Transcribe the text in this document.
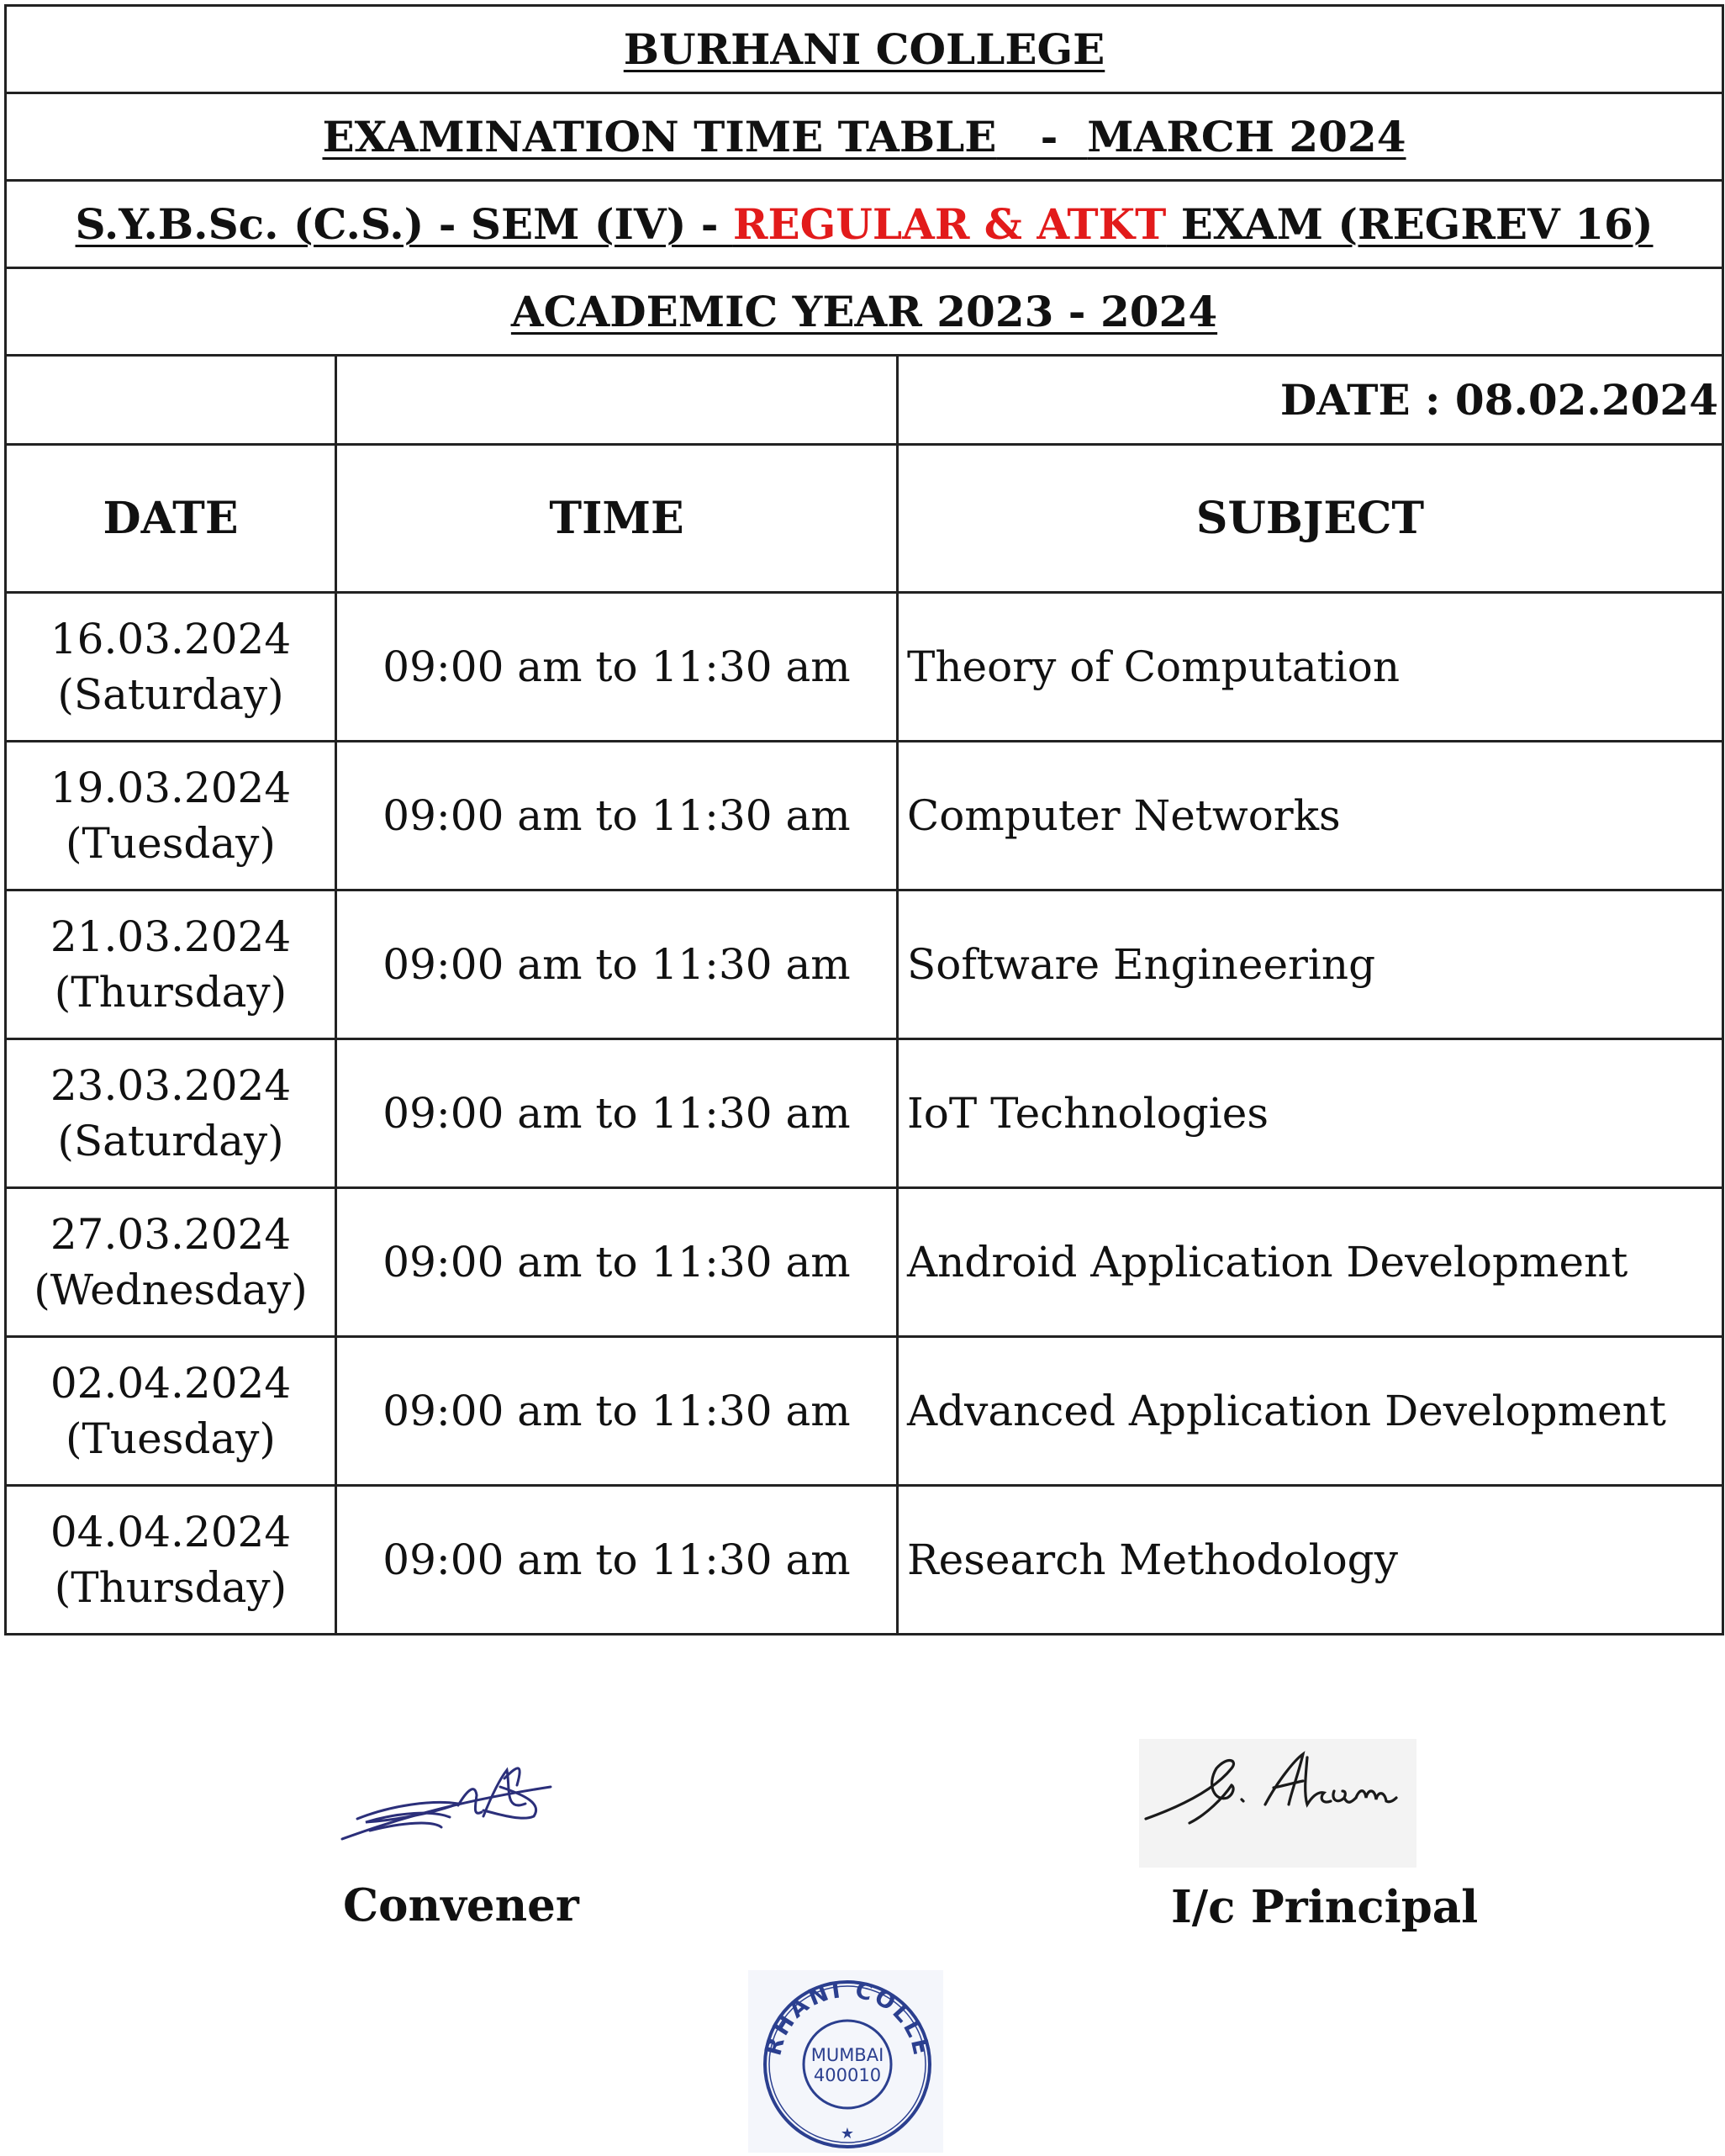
BURHANI COLLEGE		
EXAMINATION TIME TABLE   -  MARCH 2024		
S.Y.B.Sc. (C.S.) - SEM (IV) - REGULAR & ATKT EXAM (REGREV 16)		
ACADEMIC YEAR 2023 - 2024		
		DATE : 08.02.2024
DATE	TIME	SUBJECT

16.03.2024
(Saturday)	09:00 am to 11:30 am	Theory of Computation

19.03.2024
(Tuesday)	09:00 am to 11:30 am	Computer Networks

21.03.2024
(Thursday)	09:00 am to 11:30 am	Software Engineering

23.03.2024
(Saturday)	09:00 am to 11:30 am	IoT Technologies

27.03.2024
(Wednesday)	09:00 am to 11:30 am	Android Application Development

02.04.2024
(Tuesday)	09:00 am to 11:30 am	Advanced Application Development

04.04.2024
(Thursday)	09:00 am to 11:30 am	Research Methodology
Convener	I/c Principal
RHANI COLLE
MUMBAI
400010
★
